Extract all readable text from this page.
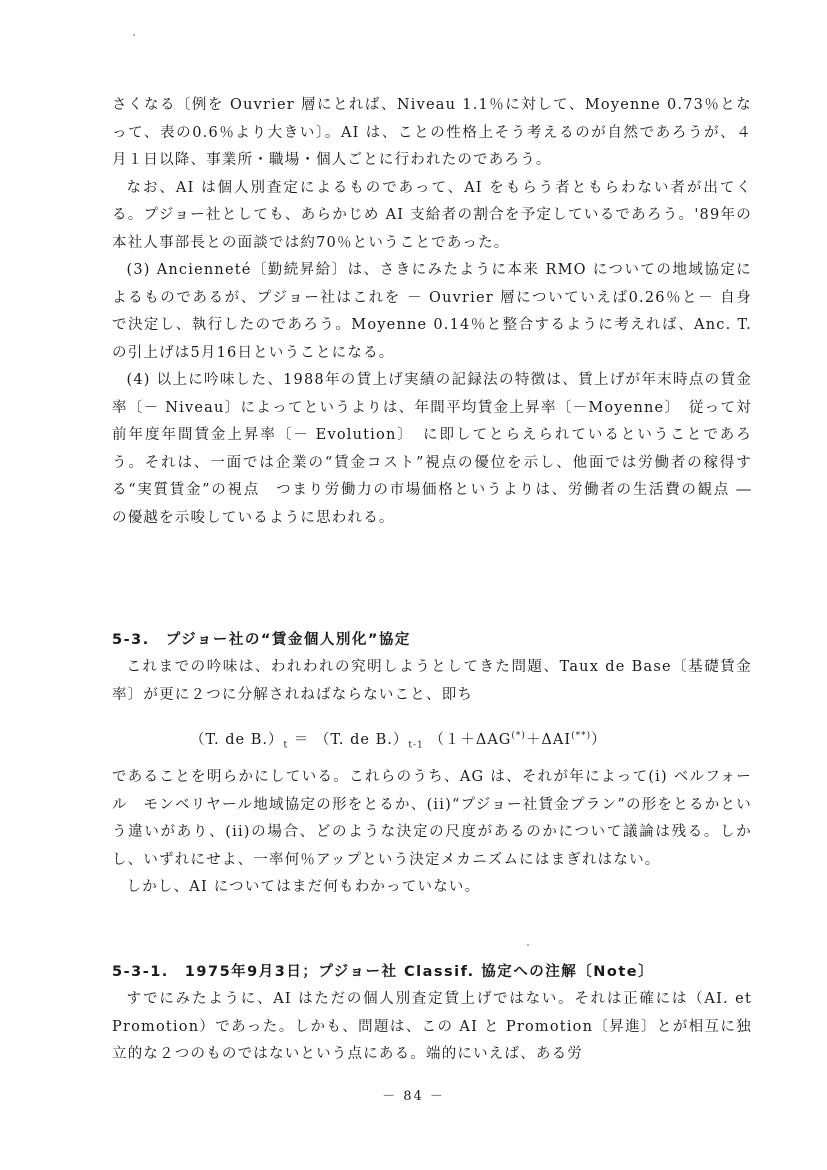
さくなる〔例を Ouvrier 層にとれば、Niveau 1.1％に対して、Moyenne 0.73％となって、表の0.6％より大きい〕。AI は、ことの性格上そう考えるのが自然であろうが、４月１日以降、事業所・職場・個人ごとに行われたのであろう。

なお、AI は個人別査定によるものであって、AI をもらう者ともらわない者が出てくる。プジョー社としても、あらかじめ AI 支給者の割合を予定しているであろう。'89年の本社人事部長との面談では約70％ということであった。

(3) Ancienneté〔勤続昇給〕は、さきにみたように本来 RMO についての地域協定によるものであるが、プジョー社はこれを － Ouvrier 層についていえば0.26％と－ 自身で決定し、執行したのであろう。Moyenne 0.14％と整合するように考えれば、Anc. T. の引上げは5月16日ということになる。

(4) 以上に吟味した、1988年の賃上げ実績の記録法の特徴は、賃上げが年末時点の賃金率〔－ Niveau〕によってというよりは、年間平均賃金上昇率〔－Moyenne〕　従って対前年度年間賃金上昇率〔－ Evolution〕　に即してとらえられているということであろう。それは、一面では企業の“賃金コスト”視点の優位を示し、他面では労働者の稼得する“実質賃金”の視点　つまり労働力の市場価格というよりは、労働者の生活費の観点 ― の優越を示唆しているように思われる。

5-3.　プジョー社の“賃金個人別化”協定

これまでの吟味は、われわれの究明しようとしてきた問題、Taux de Base〔基礎賃金率〕が更に２つに分解されねばならないこと、即ち

（T. de $B.)_t = (T$. de $B.)_{t-1}$ （１＋ΔAG(*)＋ΔAI(**)）

であることを明らかにしている。これらのうち、AG は、それが年によって(i) ベルフォール　モンベリヤール地域協定の形をとるか、(ii)“プジョー社賃金プラン”の形をとるかという違いがあり、(ii)の場合、どのような決定の尺度があるのかについて議論は残る。しかし、いずれにせよ、一率何％アップという決定メカニズムにはまぎれはない。

しかし、AI についてはまだ何もわかっていない。

5-3-1.　1975年9月3日；プジョー社 Classif. 協定への注解〔Note〕

すでにみたように、AI はただの個人別査定賃上げではない。それは正確には（AI. et Promotion）であった。しかも、問題は、この AI と Promotion〔昇進〕とが相互に独立的な２つのものではないという点にある。端的にいえば、ある労

－ 84 －
